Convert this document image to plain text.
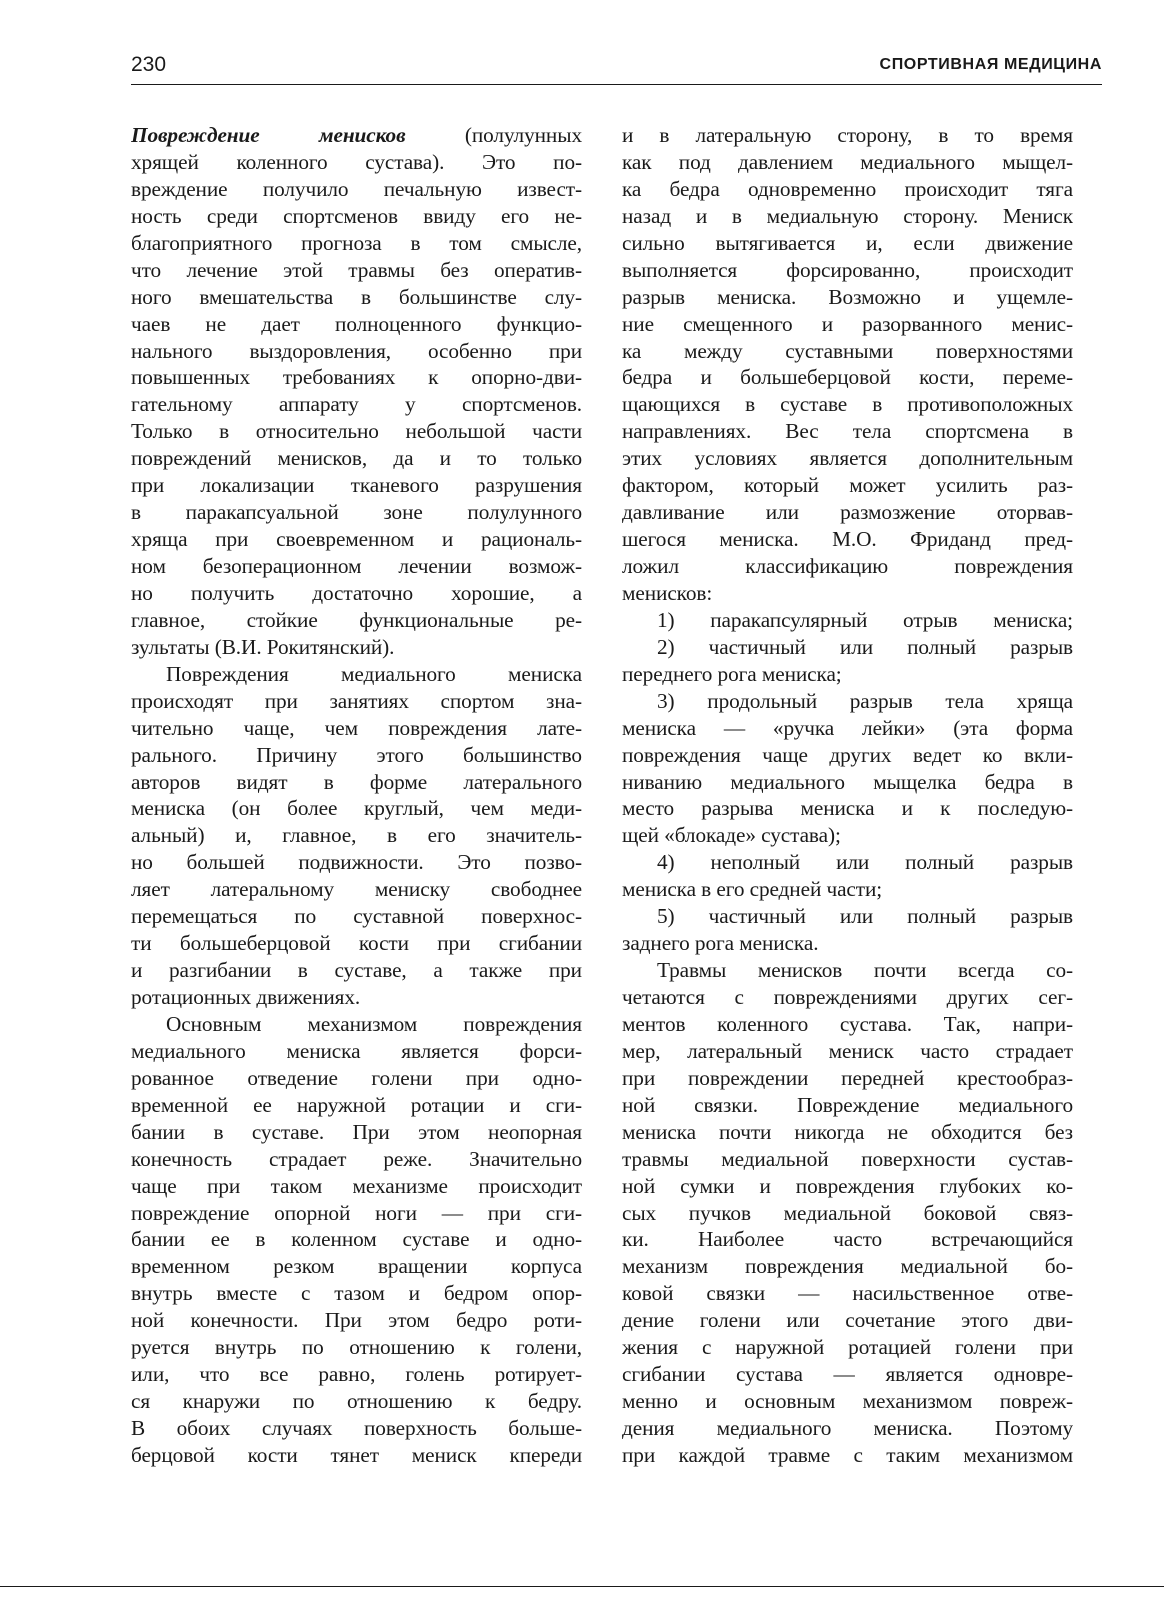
230	СПОРТИВНАЯ МЕДИЦИНА
Повреждение менисков (полулунных
хрящей коленного сустава). Это по-
вреждение получило печальную извест-
ность среди спортсменов ввиду его не-
благоприятного прогноза в том смысле,
что лечение этой травмы без оператив-
ного вмешательства в большинстве слу-
чаев не дает полноценного функцио-
нального выздоровления, особенно при
повышенных требованиях к опорно-дви-
гательному аппарату у спортсменов.
Только в относительно небольшой части
повреждений менисков, да и то только
при локализации тканевого разрушения
в паракапсуальной зоне полулунного
хряща при своевременном и рациональ-
ном безоперационном лечении возмож-
но получить достаточно хорошие, а
главное, стойкие функциональные ре-
зультаты (В.И. Рокитянский).
Повреждения медиального мениска
происходят при занятиях спортом зна-
чительно чаще, чем повреждения лате-
рального. Причину этого большинство
авторов видят в форме латерального
мениска (он более круглый, чем меди-
альный) и, главное, в его значитель-
но большей подвижности. Это позво-
ляет латеральному мениску свободнее
перемещаться по суставной поверхнос-
ти большеберцовой кости при сгибании
и разгибании в суставе, а также при
ротационных движениях.
Основным механизмом повреждения
медиального мениска является форси-
рованное отведение голени при одно-
временной ее наружной ротации и сги-
бании в суставе. При этом неопорная
конечность страдает реже. Значительно
чаще при таком механизме происходит
повреждение опорной ноги — при сги-
бании ее в коленном суставе и одно-
временном резком вращении корпуса
внутрь вместе с тазом и бедром опор-
ной конечности. При этом бедро роти-
руется внутрь по отношению к голени,
или, что все равно, голень ротирует-
ся кнаружи по отношению к бедру.
В обоих случаях поверхность больше-
берцовой кости тянет мениск кпереди
и в латеральную сторону, в то время
как под давлением медиального мыщел-
ка бедра одновременно происходит тяга
назад и в медиальную сторону. Мениск
сильно вытягивается и, если движение
выполняется форсированно, происходит
разрыв мениска. Возможно и ущемле-
ние смещенного и разорванного менис-
ка между суставными поверхностями
бедра и большеберцовой кости, переме-
щающихся в суставе в противоположных
направлениях. Вес тела спортсмена в
этих условиях является дополнительным
фактором, который может усилить раз-
давливание или размозжение оторвав-
шегося мениска. М.О. Фриданд пред-
ложил классификацию повреждения
менисков:
1) паракапсулярный отрыв мениска;
2) частичный или полный разрыв
переднего рога мениска;
3) продольный разрыв тела хряща
мениска — «ручка лейки» (эта форма
повреждения чаще других ведет ко вкли-
ниванию медиального мыщелка бедра в
место разрыва мениска и к последую-
щей «блокаде» сустава);
4) неполный или полный разрыв
мениска в его средней части;
5) частичный или полный разрыв
заднего рога мениска.
Травмы менисков почти всегда со-
четаются с повреждениями других сег-
ментов коленного сустава. Так, напри-
мер, латеральный мениск часто страдает
при повреждении передней крестообраз-
ной связки. Повреждение медиального
мениска почти никогда не обходится без
травмы медиальной поверхности сустав-
ной сумки и повреждения глубоких ко-
сых пучков медиальной боковой связ-
ки. Наиболее часто встречающийся
механизм повреждения медиальной бо-
ковой связки — насильственное отве-
дение голени или сочетание этого дви-
жения с наружной ротацией голени при
сгибании сустава — является одновре-
менно и основным механизмом повреж-
дения медиального мениска. Поэтому
при каждой травме с таким механизмом
